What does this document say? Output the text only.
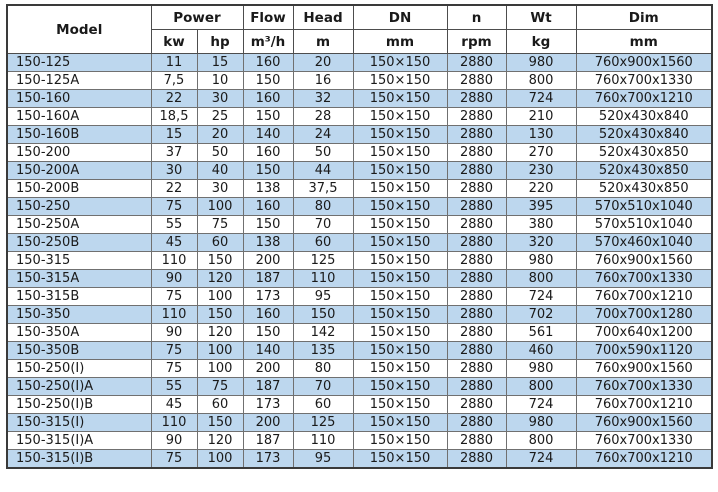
Model	Power		Flow	Head	DN	n	Wt	Dim
	kw	hp	m³/h	m	mm	rpm	kg	mm
150-125	11	15	160	20	150×150	2880	980	760x900x1560
150-125A	7,5	10	150	16	150×150	2880	800	760x700x1330
150-160	22	30	160	32	150×150	2880	724	760x700x1210
150-160A	18,5	25	150	28	150×150	2880	210	520x430x840
150-160B	15	20	140	24	150×150	2880	130	520x430x840
150-200	37	50	160	50	150×150	2880	270	520x430x850
150-200A	30	40	150	44	150×150	2880	230	520x430x850
150-200B	22	30	138	37,5	150×150	2880	220	520x430x850
150-250	75	100	160	80	150×150	2880	395	570x510x1040
150-250A	55	75	150	70	150×150	2880	380	570x510x1040
150-250B	45	60	138	60	150×150	2880	320	570x460x1040
150-315	110	150	200	125	150×150	2880	980	760x900x1560
150-315A	90	120	187	110	150×150	2880	800	760x700x1330
150-315B	75	100	173	95	150×150	2880	724	760x700x1210
150-350	110	150	160	150	150×150	2880	702	700x700x1280
150-350A	90	120	150	142	150×150	2880	561	700x640x1200
150-350B	75	100	140	135	150×150	2880	460	700x590x1120
150-250(I)	75	100	200	80	150×150	2880	980	760x900x1560
150-250(I)A	55	75	187	70	150×150	2880	800	760x700x1330
150-250(I)B	45	60	173	60	150×150	2880	724	760x700x1210
150-315(I)	110	150	200	125	150×150	2880	980	760x900x1560
150-315(I)A	90	120	187	110	150×150	2880	800	760x700x1330
150-315(I)B	75	100	173	95	150×150	2880	724	760x700x1210
